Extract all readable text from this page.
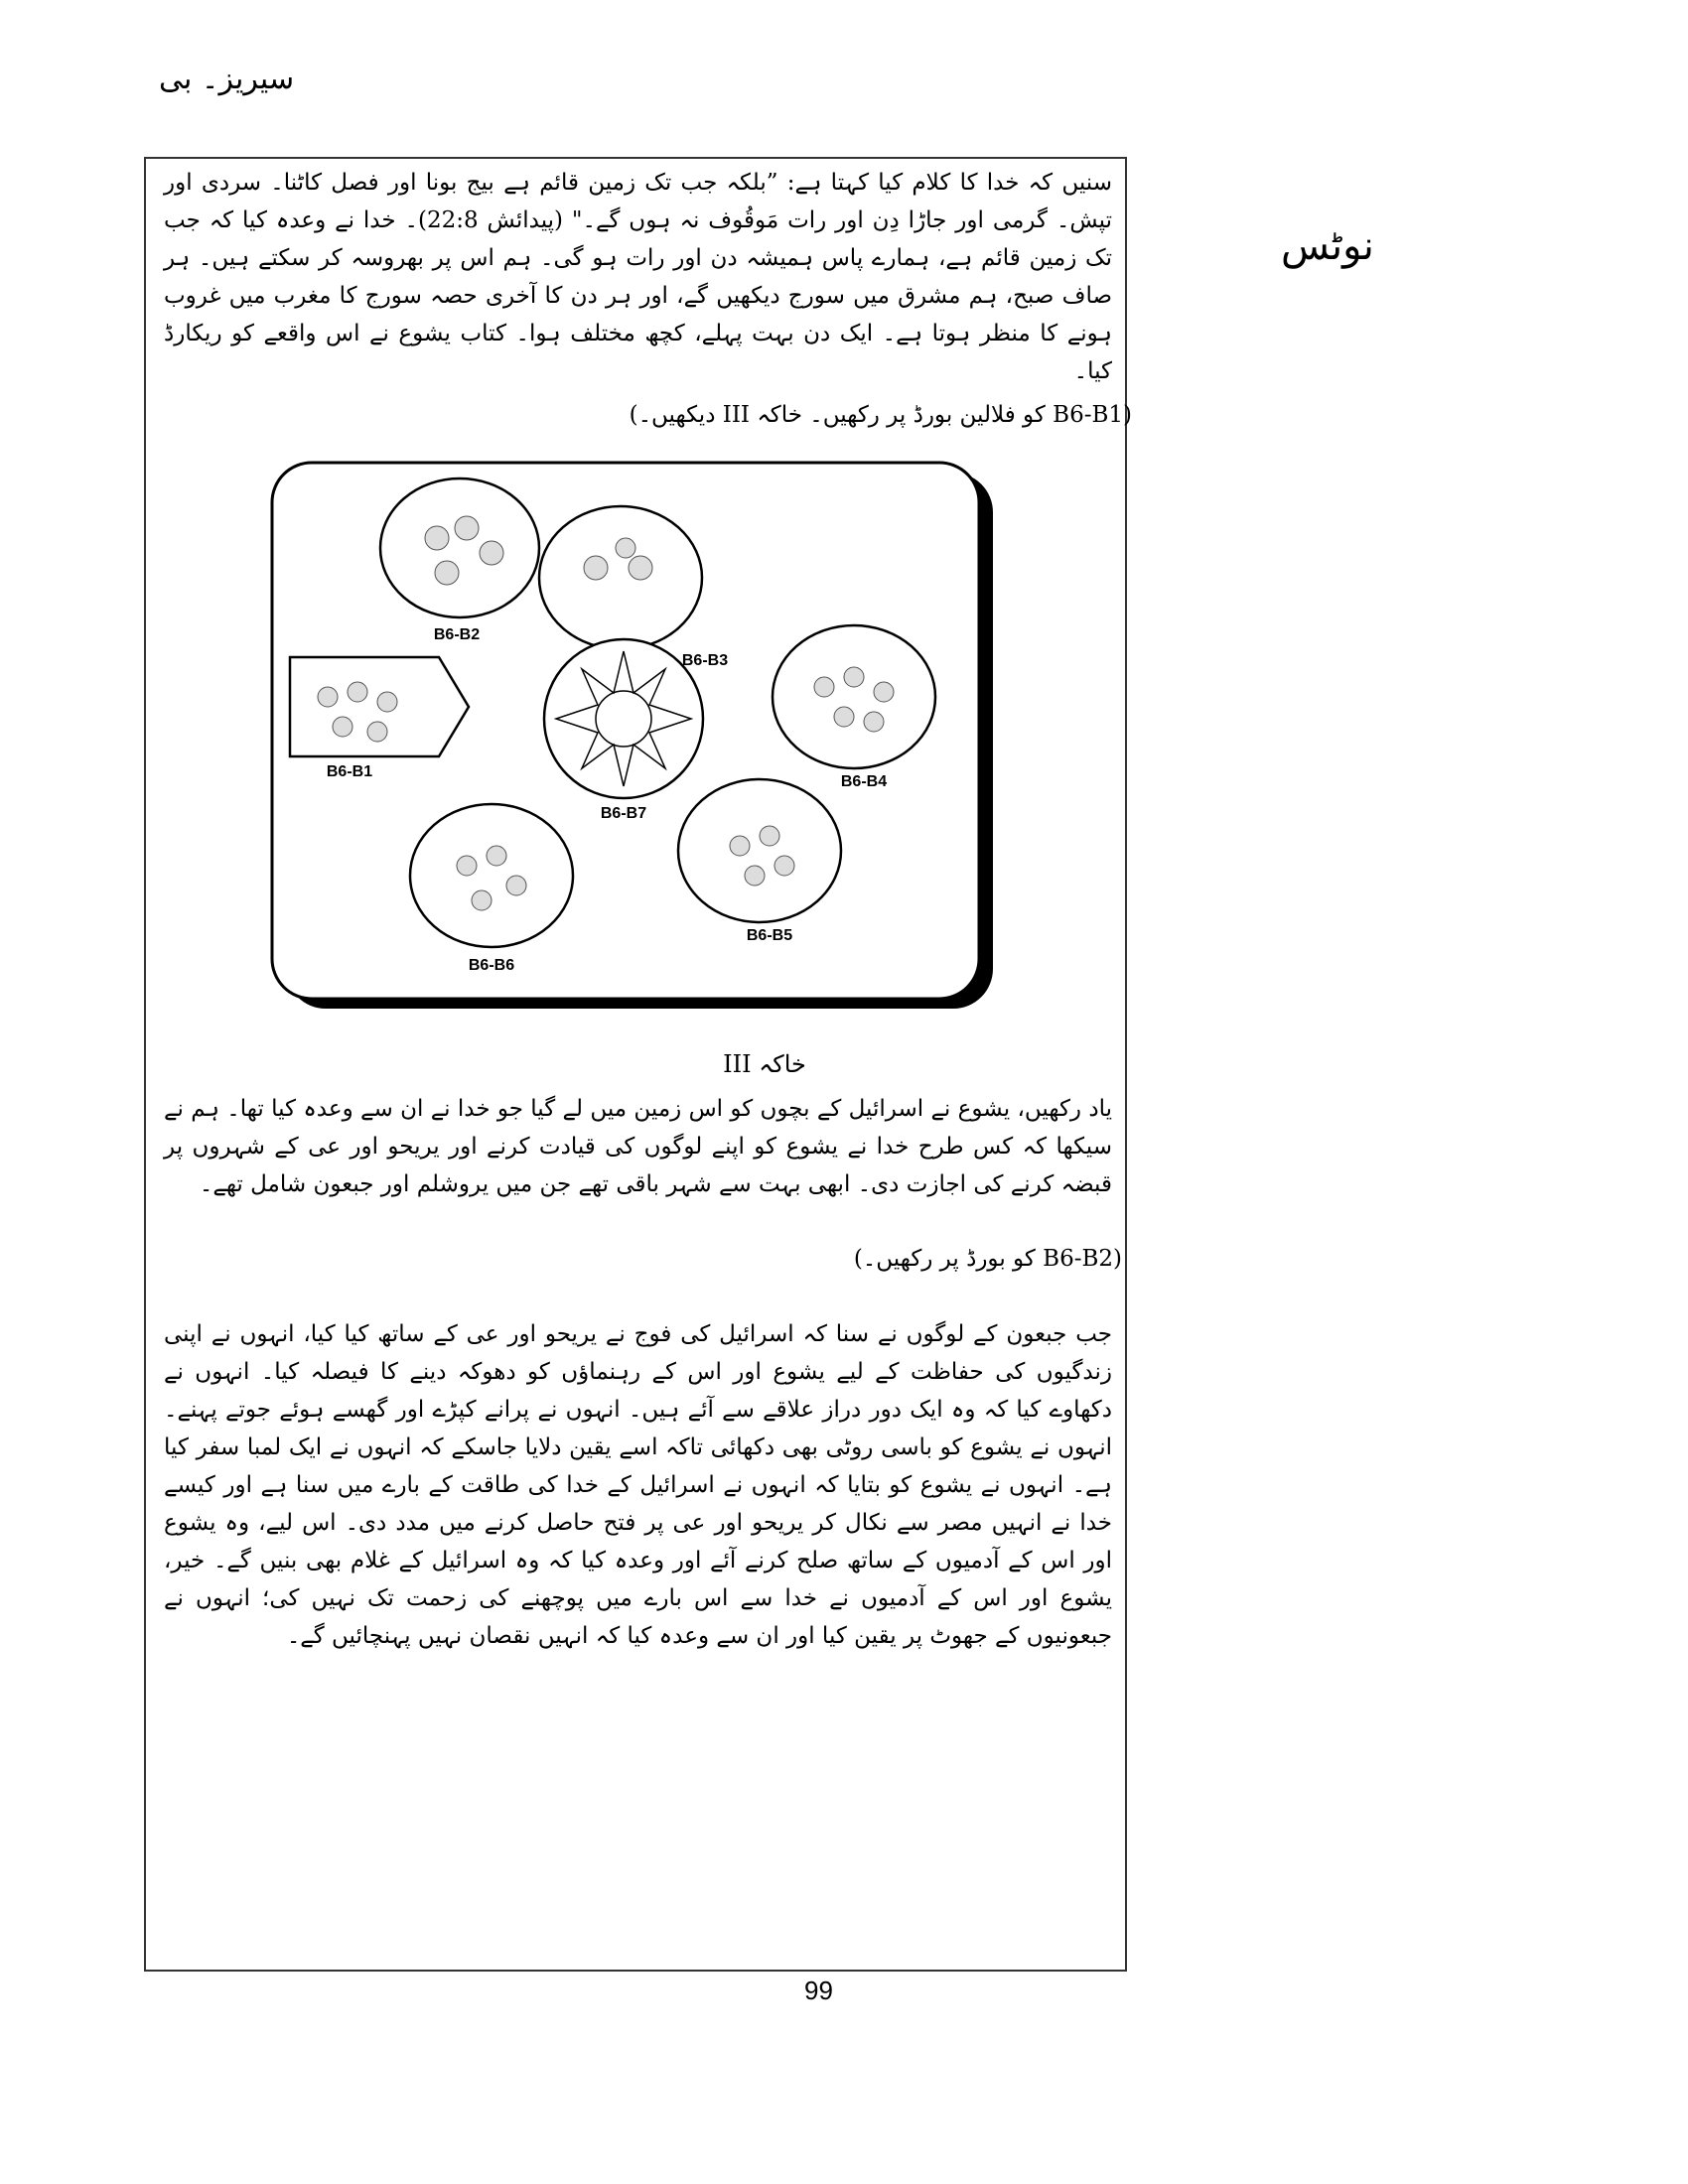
سیریز۔ بی
نوٹس
سنیں کہ خدا کا کلام کیا کہتا ہے: ”بلکہ جب تک زمین قائم ہے بیج بونا اور فصل کاٹنا۔ سردی اور تپش۔ گرمی اور جاڑا دِن اور رات مَوقُوف نہ ہوں گے۔" (پیدائش 22:8)۔ خدا نے وعدہ کیا کہ جب تک زمین قائم ہے، ہمارے پاس ہمیشہ دن اور رات ہو گی۔ ہم اس پر بھروسہ کر سکتے ہیں۔ ہر صاف صبح، ہم مشرق میں سورج دیکھیں گے، اور ہر دن کا آخری حصہ سورج کا مغرب میں غروب ہونے کا منظر ہوتا ہے۔ ایک دن بہت پہلے، کچھ مختلف ہوا۔ کتاب یشوع نے اس واقعے کو ریکارڈ کیا۔
(B6-B1 کو فلالین بورڈ پر رکھیں۔ خاکہ III دیکھیں۔)
B6-B2
B6-B3
B6-B1
B6-B4
B6-B7
B6-B5
B6-B6
خاکہ III
یاد رکھیں، یشوع نے اسرائیل کے بچوں کو اس زمین میں لے گیا جو خدا نے ان سے وعدہ کیا تھا۔ ہم نے سیکھا کہ کس طرح خدا نے یشوع کو اپنے لوگوں کی قیادت کرنے اور یریحو اور عی کے شہروں پر قبضہ کرنے کی اجازت دی۔ ابھی بہت سے شہر باقی تھے جن میں یروشلم اور جبعون شامل تھے۔
(B6-B2 کو بورڈ پر رکھیں۔)
جب جبعون کے لوگوں نے سنا کہ اسرائیل کی فوج نے یریحو اور عی کے ساتھ کیا کیا، انہوں نے اپنی زندگیوں کی حفاظت کے لیے یشوع اور اس کے رہنماؤں کو دھوکہ دینے کا فیصلہ کیا۔ انہوں نے دکھاوے کیا کہ وہ ایک دور دراز علاقے سے آئے ہیں۔ انہوں نے پرانے کپڑے اور گھسے ہوئے جوتے پہنے۔ انہوں نے یشوع کو باسی روٹی بھی دکھائی تاکہ اسے یقین دلایا جاسکے کہ انہوں نے ایک لمبا سفر کیا ہے۔ انہوں نے یشوع کو بتایا کہ انہوں نے اسرائیل کے خدا کی طاقت کے بارے میں سنا ہے اور کیسے خدا نے انہیں مصر سے نکال کر یریحو اور عی پر فتح حاصل کرنے میں مدد دی۔ اس لیے، وہ یشوع اور اس کے آدمیوں کے ساتھ صلح کرنے آئے اور وعدہ کیا کہ وہ اسرائیل کے غلام بھی بنیں گے۔ خیر، یشوع اور اس کے آدمیوں نے خدا سے اس بارے میں پوچھنے کی زحمت تک نہیں کی؛ انہوں نے جبعونیوں کے جھوٹ پر یقین کیا اور ان سے وعدہ کیا کہ انہیں نقصان نہیں پہنچائیں گے۔
99
